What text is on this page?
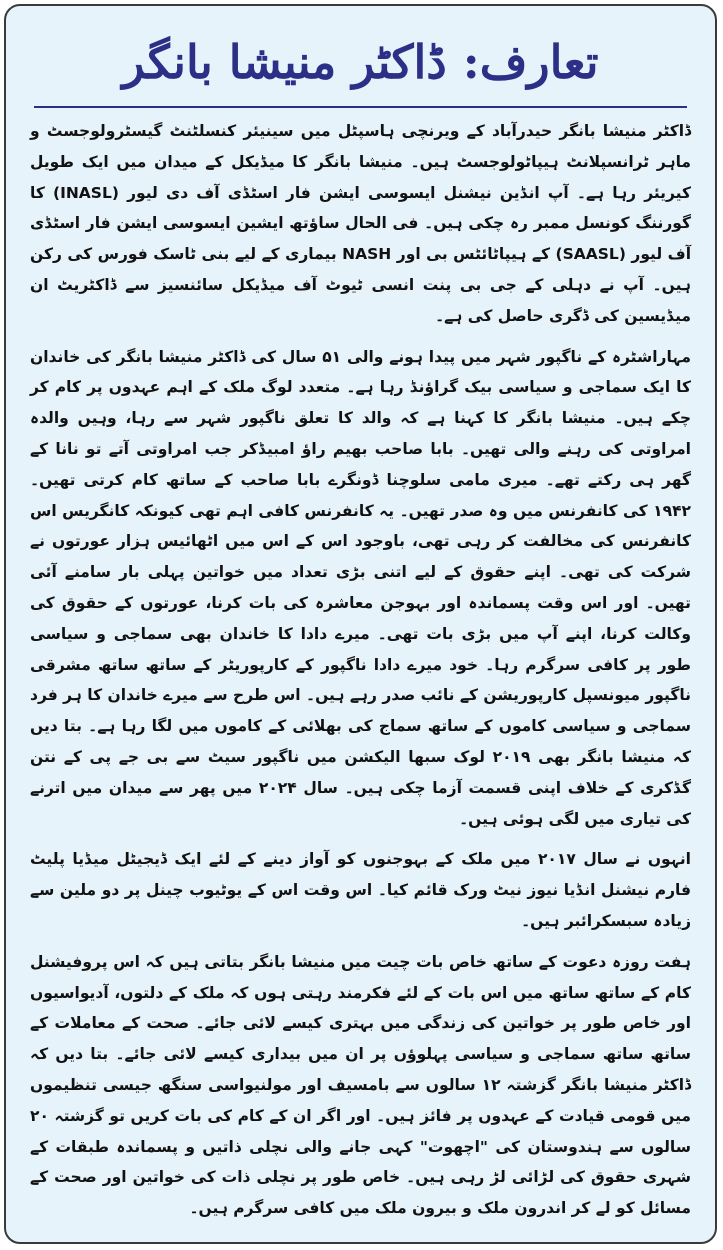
تعارف: ڈاکٹر منیشا بانگر

ڈاکٹر منیشا بانگر حیدرآباد کے ویرنچی ہاسپٹل میں سینیئر کنسلٹنٹ گیسٹرولوجسٹ و ماہر ٹرانسپلانٹ ہیپاٹولوجسٹ ہیں۔ منیشا بانگر کا میڈیکل کے میدان میں ایک طویل کیریئر رہا ہے۔ آپ انڈین نیشنل ایسوسی ایشن فار اسٹڈی آف دی لیور (INASL) کا گورننگ کونسل ممبر رہ چکی ہیں۔ فی الحال ساؤتھ ایشین ایسوسی ایشن فار اسٹڈی آف لیور (SAASL) کے ہیپاٹائٹس بی اور NASH بیماری کے لیے بنی ٹاسک فورس کی رکن ہیں۔ آپ نے دہلی کے جی بی پنت انسی ٹیوٹ آف میڈیکل سائنسیز سے ڈاکٹریٹ ان میڈیسین کی ڈگری حاصل کی ہے۔

مہاراشٹرہ کے ناگپور شہر میں پیدا ہونے والی ۵۱ سال کی ڈاکٹر منیشا بانگر کی خاندان کا ایک سماجی و سیاسی بیک گراؤنڈ رہا ہے۔ متعدد لوگ ملک کے اہم عہدوں پر کام کر چکے ہیں۔ منیشا بانگر کا کہنا ہے کہ والد کا تعلق ناگپور شہر سے رہا، وہیں والدہ امراوتی کی رہنے والی تھیں۔ بابا صاحب بھیم راؤ امبیڈکر جب امراوتی آتے تو نانا کے گھر ہی رکتے تھے۔ میری مامی سلوچنا ڈونگرے بابا صاحب کے ساتھ کام کرتی تھیں۔ ۱۹۴۲ کی کانفرنس میں وہ صدر تھیں۔ یہ کانفرنس کافی اہم تھی کیونکہ کانگریس اس کانفرنس کی مخالفت کر رہی تھی، باوجود اس کے اس میں اٹھائیس ہزار عورتوں نے شرکت کی تھی۔ اپنے حقوق کے لیے اتنی بڑی تعداد میں خواتین پہلی بار سامنے آئی تھیں۔ اور اس وقت پسماندہ اور بہوجن معاشرہ کی بات کرنا، عورتوں کے حقوق کی وکالت کرنا، اپنے آپ میں بڑی بات تھی۔ میرے دادا کا خاندان بھی سماجی و سیاسی طور پر کافی سرگرم رہا۔ خود میرے دادا ناگپور کے کارپوریٹر کے ساتھ ساتھ مشرقی ناگپور میونسپل کارپوریشن کے نائب صدر رہے ہیں۔ اس طرح سے میرے خاندان کا ہر فرد سماجی و سیاسی کاموں کے ساتھ سماج کی بھلائی کے کاموں میں لگا رہا ہے۔ بتا دیں کہ منیشا بانگر بھی ۲۰۱۹ لوک سبھا الیکشن میں ناگپور سیٹ سے بی جے پی کے نتن گڈکری کے خلاف اپنی قسمت آزما چکی ہیں۔ سال ۲۰۲۴ میں پھر سے میدان میں اترنے کی تیاری میں لگی ہوئی ہیں۔

انہوں نے سال ۲۰۱۷ میں ملک کے بہوجنوں کو آواز دینے کے لئے ایک ڈیجیٹل میڈیا پلیٹ فارم نیشنل انڈیا نیوز نیٹ ورک قائم کیا۔ اس وقت اس کے یوٹیوب چینل پر دو ملین سے زیادہ سبسکرائبر ہیں۔

ہفت روزہ دعوت کے ساتھ خاص بات چیت میں منیشا بانگر بتاتی ہیں کہ اس پروفیشنل کام کے ساتھ ساتھ میں اس بات کے لئے فکرمند رہتی ہوں کہ ملک کے دلتوں، آدیواسیوں اور خاص طور پر خواتین کی زندگی میں بہتری کیسے لائی جائے۔ صحت کے معاملات کے ساتھ ساتھ سماجی و سیاسی پہلوؤں پر ان میں بیداری کیسے لائی جائے۔ بتا دیں کہ ڈاکٹر منیشا بانگر گزشتہ ۱۲ سالوں سے بامسیف اور مولنیواسی سنگھ جیسی تنظیموں میں قومی قیادت کے عہدوں پر فائز ہیں۔ اور اگر ان کے کام کی بات کریں تو گزشتہ ۲۰ سالوں سے ہندوستان کی "اچھوت" کہی جانے والی نچلی ذاتیں و پسماندہ طبقات کے شہری حقوق کی لڑائی لڑ رہی ہیں۔ خاص طور پر نچلی ذات کی خواتین اور صحت کے مسائل کو لے کر اندرون ملک و بیرون ملک میں کافی سرگرم ہیں۔
